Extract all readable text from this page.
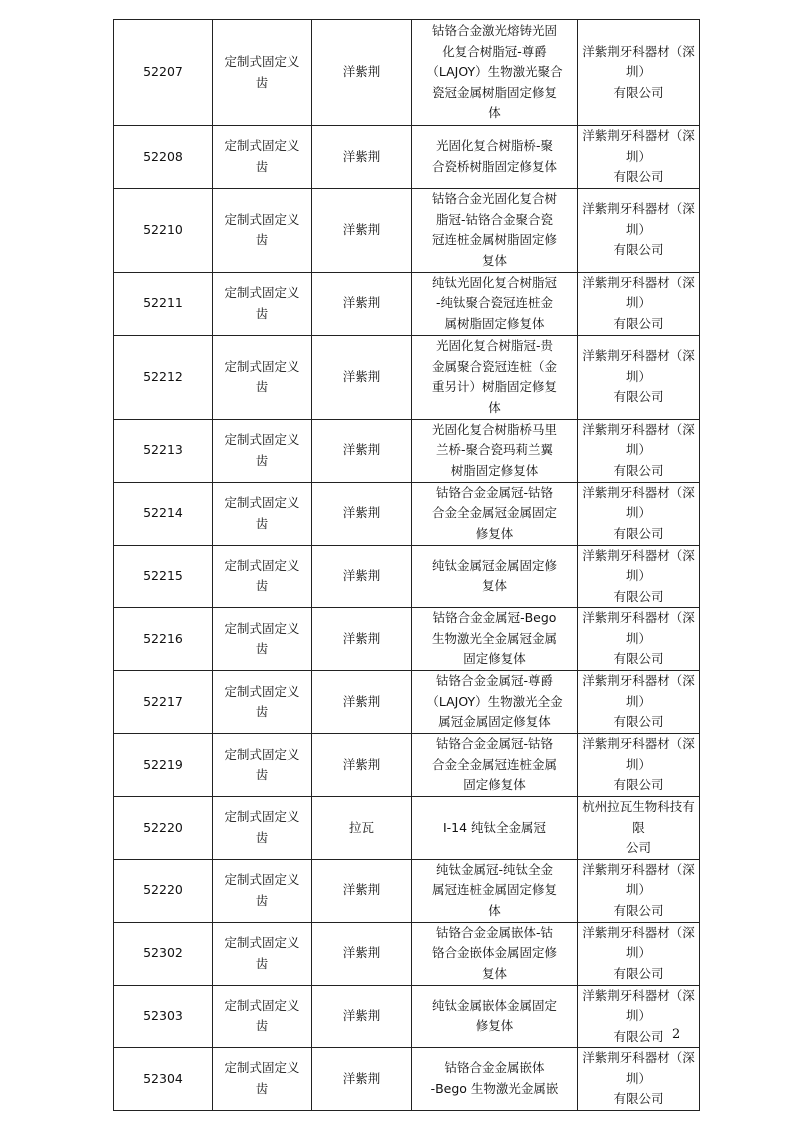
52207	定制式固定义
齿	洋紫荆	钴铬合金激光熔铸光固
化复合树脂冠-尊爵
（LAJOY）生物激光聚合
瓷冠金属树脂固定修复
体	洋紫荆牙科器材（深圳）
有限公司

52208	定制式固定义
齿	洋紫荆	光固化复合树脂桥-聚
合瓷桥树脂固定修复体	洋紫荆牙科器材（深圳）
有限公司

52210	定制式固定义
齿	洋紫荆	钴铬合金光固化复合树
脂冠-钴铬合金聚合瓷
冠连桩金属树脂固定修
复体	洋紫荆牙科器材（深圳）
有限公司

52211	定制式固定义
齿	洋紫荆	纯钛光固化复合树脂冠
-纯钛聚合瓷冠连桩金
属树脂固定修复体	洋紫荆牙科器材（深圳）
有限公司

52212	定制式固定义
齿	洋紫荆	光固化复合树脂冠-贵
金属聚合瓷冠连桩（金
重另计）树脂固定修复
体	洋紫荆牙科器材（深圳）
有限公司

52213	定制式固定义
齿	洋紫荆	光固化复合树脂桥马里
兰桥-聚合瓷玛莉兰翼
树脂固定修复体	洋紫荆牙科器材（深圳）
有限公司

52214	定制式固定义
齿	洋紫荆	钴铬合金金属冠-钴铬
合金全金属冠金属固定
修复体	洋紫荆牙科器材（深圳）
有限公司

52215	定制式固定义
齿	洋紫荆	纯钛金属冠金属固定修
复体	洋紫荆牙科器材（深圳）
有限公司

52216	定制式固定义
齿	洋紫荆	钴铬合金金属冠-Bego
生物激光全金属冠金属
固定修复体	洋紫荆牙科器材（深圳）
有限公司

52217	定制式固定义
齿	洋紫荆	钴铬合金金属冠-尊爵
（LAJOY）生物激光全金
属冠金属固定修复体	洋紫荆牙科器材（深圳）
有限公司

52219	定制式固定义
齿	洋紫荆	钴铬合金金属冠-钴铬
合金全金属冠连桩金属
固定修复体	洋紫荆牙科器材（深圳）
有限公司

52220	定制式固定义
齿	拉瓦	I-14 纯钛全金属冠	杭州拉瓦生物科技有限
公司

52220	定制式固定义
齿	洋紫荆	纯钛金属冠-纯钛全金
属冠连桩金属固定修复
体	洋紫荆牙科器材（深圳）
有限公司

52302	定制式固定义
齿	洋紫荆	钴铬合金金属嵌体-钴
铬合金嵌体金属固定修
复体	洋紫荆牙科器材（深圳）
有限公司

52303	定制式固定义
齿	洋紫荆	纯钛金属嵌体金属固定
修复体	洋紫荆牙科器材（深圳）
有限公司

52304	定制式固定义
齿	洋紫荆	钴铬合金金属嵌体
-Bego 生物激光金属嵌	洋紫荆牙科器材（深圳）
有限公司
2
